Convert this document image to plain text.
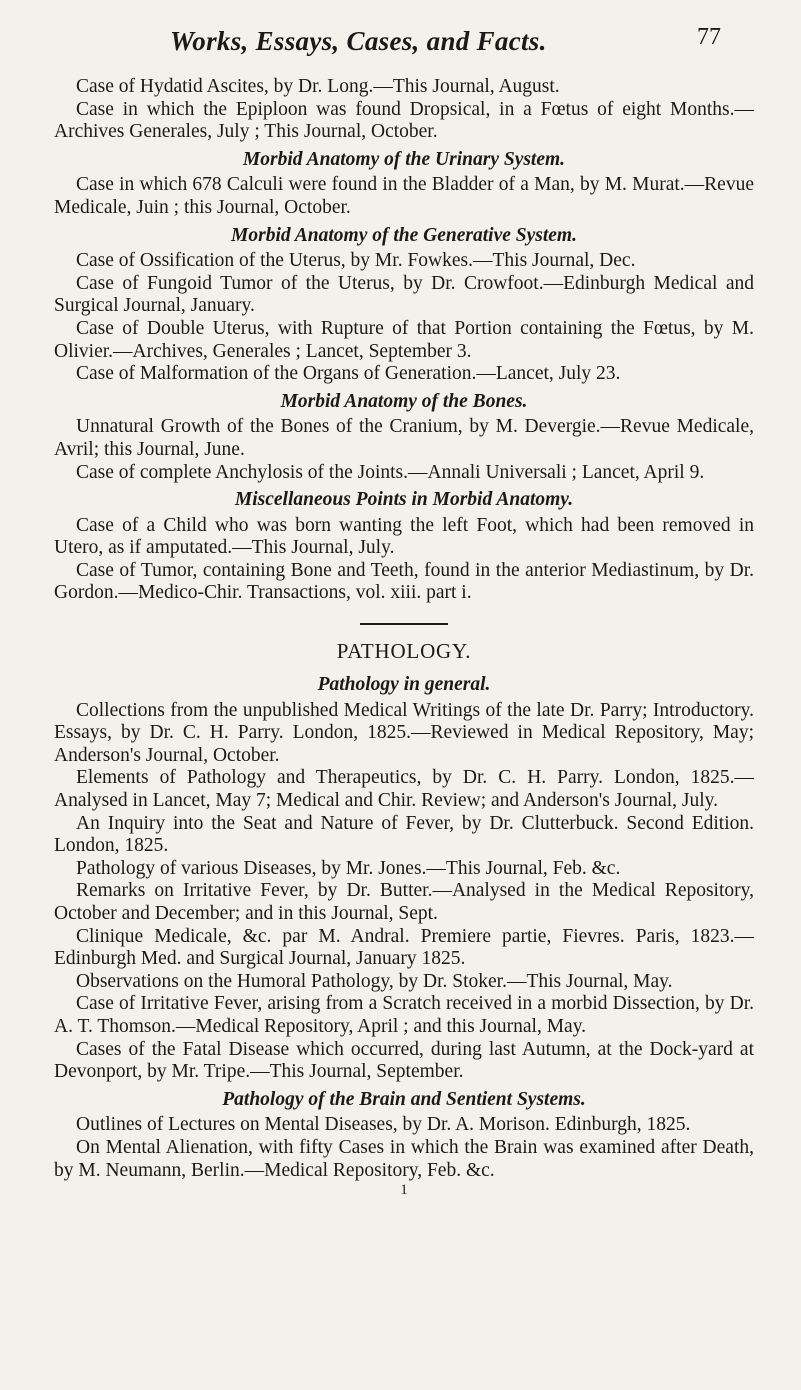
Works, Essays, Cases, and Facts.	77

Case of Hydatid Ascites, by Dr. Long.—This Journal, August.

Case in which the Epiploon was found Dropsical, in a Fœtus of eight Months.—Archives Generales, July ; This Journal, October.

Morbid Anatomy of the Urinary System.

Case in which 678 Calculi were found in the Bladder of a Man, by M. Murat.—Revue Medicale, Juin ; this Journal, October.

Morbid Anatomy of the Generative System.

Case of Ossification of the Uterus, by Mr. Fowkes.—This Journal, Dec.

Case of Fungoid Tumor of the Uterus, by Dr. Crowfoot.—Edinburgh Medical and Surgical Journal, January.

Case of Double Uterus, with Rupture of that Portion containing the Fœtus, by M. Olivier.—Archives, Generales ; Lancet, September 3.

Case of Malformation of the Organs of Generation.—Lancet, July 23.

Morbid Anatomy of the Bones.

Unnatural Growth of the Bones of the Cranium, by M. Devergie.—Revue Medicale, Avril; this Journal, June.

Case of complete Anchylosis of the Joints.—Annali Universali ; Lancet, April 9.

Miscellaneous Points in Morbid Anatomy.

Case of a Child who was born wanting the left Foot, which had been removed in Utero, as if amputated.—This Journal, July.

Case of Tumor, containing Bone and Teeth, found in the anterior Mediastinum, by Dr. Gordon.—Medico-Chir. Transactions, vol. xiii. part i.

PATHOLOGY.
Pathology in general.

Collections from the unpublished Medical Writings of the late Dr. Parry; Introductory. Essays, by Dr. C. H. Parry. London, 1825.—Reviewed in Medical Repository, May; Anderson's Journal, October.

Elements of Pathology and Therapeutics, by Dr. C. H. Parry. London, 1825.—Analysed in Lancet, May 7; Medical and Chir. Review; and Anderson's Journal, July.

An Inquiry into the Seat and Nature of Fever, by Dr. Clutterbuck. Second Edition. London, 1825.

Pathology of various Diseases, by Mr. Jones.—This Journal, Feb. &c.

Remarks on Irritative Fever, by Dr. Butter.—Analysed in the Medical Repository, October and December; and in this Journal, Sept.

Clinique Medicale, &c. par M. Andral. Premiere partie, Fievres. Paris, 1823.—Edinburgh Med. and Surgical Journal, January 1825.

Observations on the Humoral Pathology, by Dr. Stoker.—This Journal, May.

Case of Irritative Fever, arising from a Scratch received in a morbid Dissection, by Dr. A. T. Thomson.—Medical Repository, April ; and this Journal, May.

Cases of the Fatal Disease which occurred, during last Autumn, at the Dock-yard at Devonport, by Mr. Tripe.—This Journal, September.

Pathology of the Brain and Sentient Systems.

Outlines of Lectures on Mental Diseases, by Dr. A. Morison. Edinburgh, 1825.

On Mental Alienation, with fifty Cases in which the Brain was examined after Death, by M. Neumann, Berlin.—Medical Repository, Feb. &c.

1
